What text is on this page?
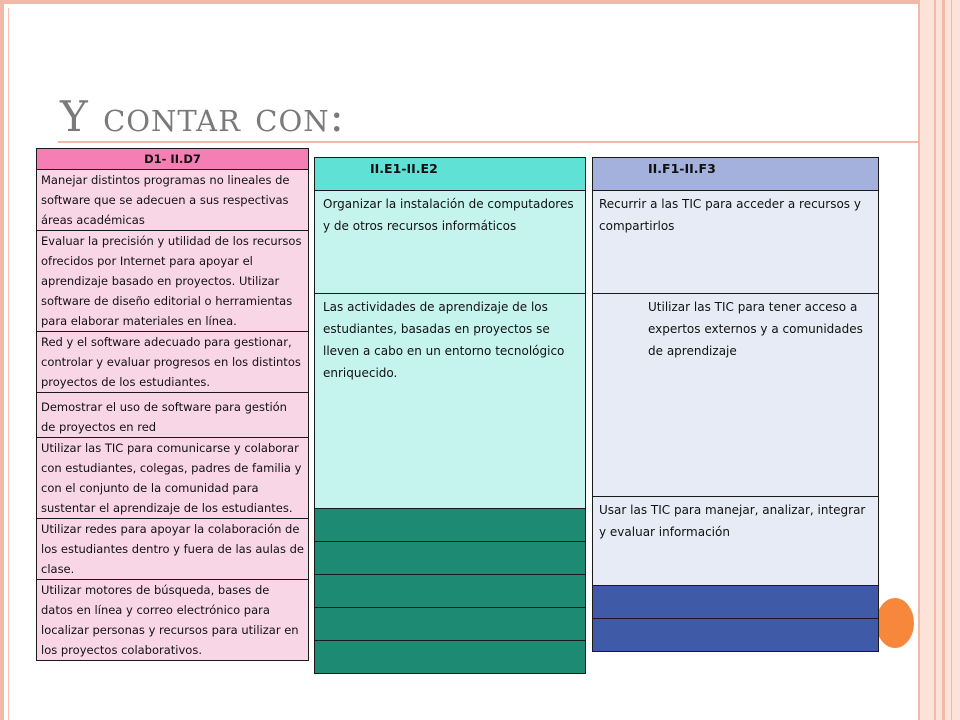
Y contar con:
D1- II.D7
Manejar distintos programas no lineales de software que se adecuen a sus respectivas áreas académicas
Evaluar la precisión y utilidad de los recursos ofrecidos por Internet para apoyar el aprendizaje basado en proyectos. Utilizar software de diseño editorial o herramientas para elaborar materiales en línea.
Red y el software adecuado para gestionar, controlar y evaluar progresos en los distintos proyectos de los estudiantes.
Demostrar el uso de software para gestión de proyectos en red
Utilizar las TIC para comunicarse y colaborar con estudiantes, colegas, padres de familia y con el conjunto de la comunidad para sustentar el aprendizaje de los estudiantes.
Utilizar redes para apoyar la colaboración de los estudiantes dentro y fuera de las aulas de clase.
Utilizar motores de búsqueda, bases de datos en línea y correo electrónico para localizar personas y recursos para utilizar en los proyectos colaborativos.
II.E1-II.E2
Organizar la instalación de computadores y de otros recursos informáticos
Las actividades de aprendizaje de los estudiantes, basadas en proyectos se lleven a cabo en un entorno tecnológico enriquecido.

II.F1-II.F3
Recurrir a las TIC para acceder a recursos y compartirlos
Utilizar las TIC para tener acceso a expertos externos y a comunidades de aprendizaje
Usar las TIC para manejar, analizar, integrar y evaluar información
